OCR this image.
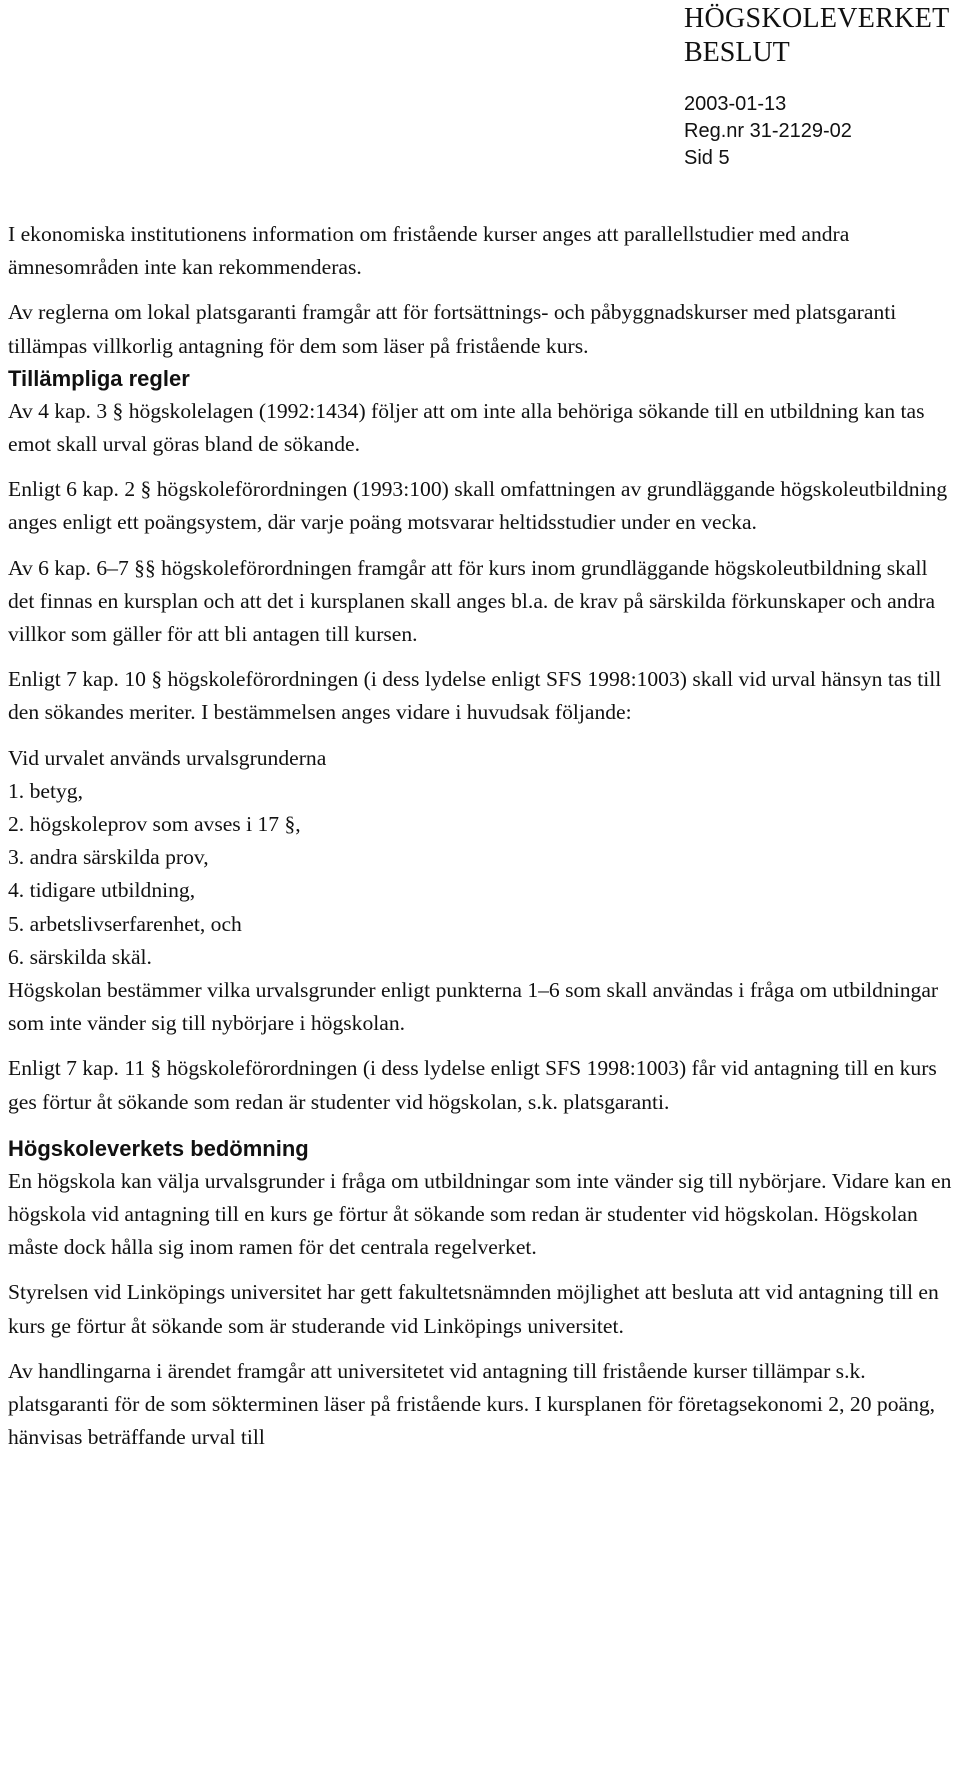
HÖGSKOLEVERKET
BESLUT
2003-01-13
Reg.nr 31-2129-02
Sid 5

I ekonomiska institutionens information om fristående kurser anges att parallellstudier med andra ämnesområden inte kan rekommenderas.

Av reglerna om lokal platsgaranti framgår att för fortsättnings- och påbyggnadskurser med platsgaranti tillämpas villkorlig antagning för dem som läser på fristående kurs.

Tillämpliga regler

Av 4 kap. 3 § högskolelagen (1992:1434) följer att om inte alla behöriga sökande till en utbildning kan tas emot skall urval göras bland de sökande.

Enligt 6 kap. 2 § högskoleförordningen (1993:100) skall omfattningen av grundläggande högskoleutbildning anges enligt ett poängsystem, där varje poäng motsvarar heltidsstudier under en vecka.

Av 6 kap. 6–7 §§ högskoleförordningen framgår att för kurs inom grundläggande högskoleutbildning skall det finnas en kursplan och att det i kursplanen skall anges bl.a. de krav på särskilda förkunskaper och andra villkor som gäller för att bli antagen till kursen.

Enligt 7 kap. 10 § högskoleförordningen (i dess lydelse enligt SFS 1998:1003) skall vid urval hänsyn tas till den sökandes meriter. I bestämmelsen anges vidare i huvudsak följande:

Vid urvalet används urvalsgrunderna
1. betyg,
2. högskoleprov som avses i 17 §,
3. andra särskilda prov,
4. tidigare utbildning,
5. arbetslivserfarenhet, och
6. särskilda skäl.

Högskolan bestämmer vilka urvalsgrunder enligt punkterna 1–6 som skall användas i fråga om utbildningar som inte vänder sig till nybörjare i högskolan.

Enligt 7 kap. 11 § högskoleförordningen (i dess lydelse enligt SFS 1998:1003) får vid antagning till en kurs ges förtur åt sökande som redan är studenter vid högskolan, s.k. platsgaranti.

Högskoleverkets bedömning

En högskola kan välja urvalsgrunder i fråga om utbildningar som inte vänder sig till nybörjare. Vidare kan en högskola vid antagning till en kurs ge förtur åt sökande som redan är studenter vid högskolan. Högskolan måste dock hålla sig inom ramen för det centrala regelverket.

Styrelsen vid Linköpings universitet har gett fakultetsnämnden möjlighet att besluta att vid antagning till en kurs ge förtur åt sökande som är studerande vid Linköpings universitet.

Av handlingarna i ärendet framgår att universitetet vid antagning till fristående kurser tillämpar s.k. platsgaranti för de som sökterminen läser på fristående kurs. I kursplanen för företagsekonomi 2, 20 poäng, hänvisas beträffande urval till
